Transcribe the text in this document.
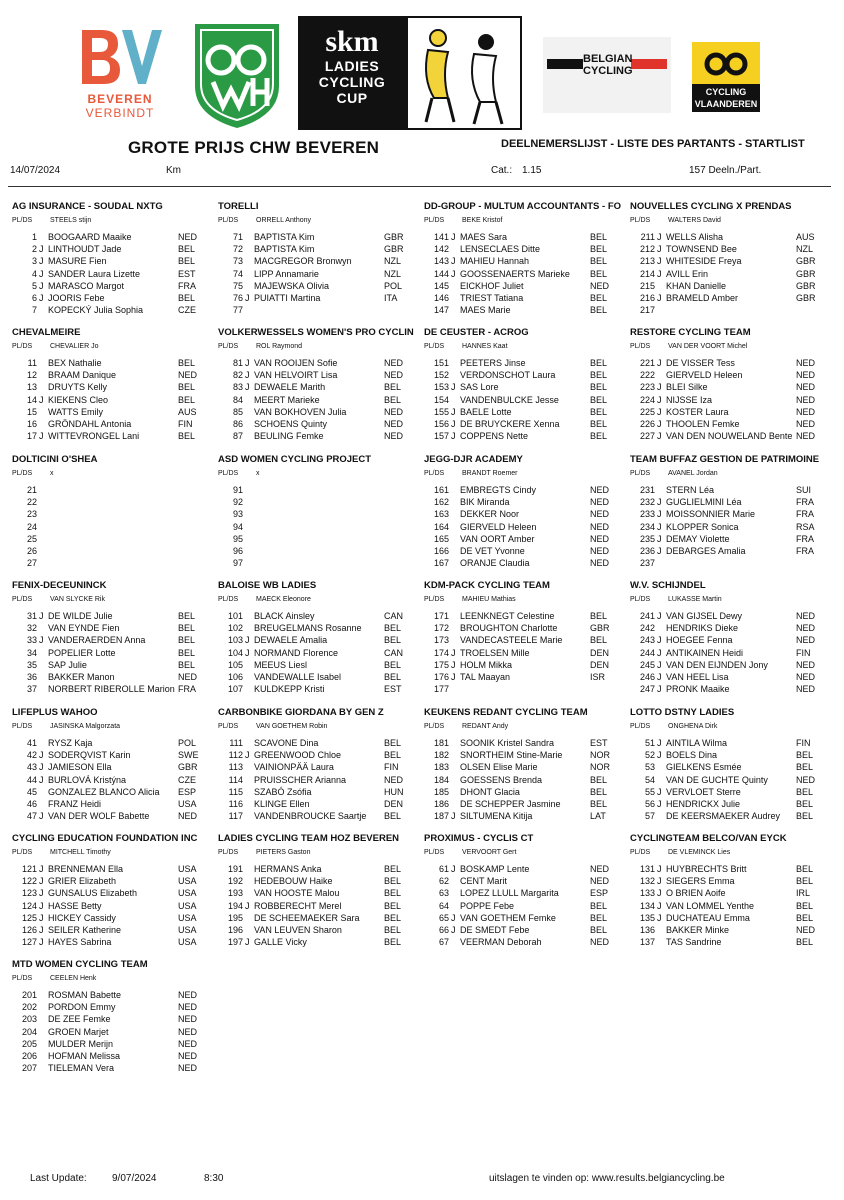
BEVEREN
VERBINDT
skm
LADIES
CYCLING
CUP
BELGIAN
CYCLING
CYCLING
VLAANDEREN
GROTE PRIJS CHW BEVEREN	DEELNEMERSLIJST - LISTE DES PARTANTS - STARTLIST
14/07/2024	Km	Cat.: 1.15	157 Deeln./Part.
AG INSURANCE - SOUDAL NXTG
PL/DS	STEELS stijn
1 BOOGAARD Maaike	NED
2 J LINTHOUDT Jade	BEL
3 J MASURE Fien	BEL
4 J SANDER Laura Lizette	EST
5 J MARASCO Margot	FRA
6 J JOORIS Febe	BEL
7 KOPECKÝ Julia Sophia	CZE
TORELLI
PL/DS	ORRELL Anthony
71 BAPTISTA Kim	GBR
72 BAPTISTA Kim	GBR
73 MACGREGOR Bronwyn	NZL
74 LIPP Annamarie	NZL
75 MAJEWSKA Olivia	POL
76 J PUIATTI Martina	ITA
77
DD-GROUP - MULTUM ACCOUNTANTS - FO
PL/DS	BEKE Kristof
141 J MAES Sara	BEL
142 LENSECLAES Ditte	BEL
143 J MAHIEU Hannah	BEL
144 J GOOSSENAERTS Marieke	BEL
145 EICKHOF Juliet	NED
146 TRIEST Tatiana	BEL
147 MAES Marie	BEL
NOUVELLES CYCLING X PRENDAS
PL/DS	WALTERS David
211 J WELLS Alisha	AUS
212 J TOWNSEND Bee	NZL
213 J WHITESIDE Freya	GBR
214 J AVILL Erin	GBR
215 KHAN Danielle	GBR
216 J BRAMELD Amber	GBR
217
CHEVALMEIRE
PL/DS	CHEVALIER Jo
11 BEX Nathalie	BEL
12 BRAAM Danique	NED
13 DRUYTS Kelly	BEL
14 J KIEKENS Cleo	BEL
15 WATTS Emily	AUS
16 GRÖNDAHL Antonia	FIN
17 J WITTEVRONGEL Lani	BEL
VOLKERWESSELS WOMEN'S PRO CYCLIN
PL/DS	ROL Raymond
81 J VAN ROOIJEN Sofie	NED
82 J VAN HELVOIRT Lisa	NED
83 J DEWAELE Marith	BEL
84 MEERT Marieke	BEL
85 VAN BOKHOVEN Julia	NED
86 SCHOENS Quinty	NED
87 BEULING Femke	NED
DE CEUSTER - ACROG
PL/DS	HANNES Kaat
151 PEETERS Jinse	BEL
152 VERDONSCHOT Laura	BEL
153 J SAS Lore	BEL
154 VANDENBULCKE Jesse	BEL
155 J BAELE Lotte	BEL
156 J DE BRUYCKERE Xenna	BEL
157 J COPPENS Nette	BEL
RESTORE CYCLING TEAM
PL/DS	VAN DER VOORT Michel
221 J DE VISSER Tess	NED
222 GIERVELD Heleen	NED
223 J BLEI Silke	NED
224 J NIJSSE Iza	NED
225 J KOSTER Laura	NED
226 J THOOLEN Femke	NED
227 J VAN DEN NOUWELAND Bente NED
DOLTICINI O'SHEA
PL/DS	x
21
22
23
24
25
26
27
ASD WOMEN CYCLING PROJECT
PL/DS	x
91
92
93
94
95
96
97
JEGG-DJR ACADEMY
PL/DS	BRANDT Roemer
161 EMBREGTS Cindy	NED
162 BIK Miranda	NED
163 DEKKER Noor	NED
164 GIERVELD Heleen	NED
165 VAN OORT Amber	NED
166 DE VET Yvonne	NED
167 ORANJE Claudia	NED
TEAM BUFFAZ GESTION DE PATRIMOINE
PL/DS	AVANEL Jordan
231 STERN Léa	SUI
232 J GUGLIELMINI Léa	FRA
233 J MOISSONNIER Marie	FRA
234 J KLOPPER Sonica	RSA
235 J DEMAY Violette	FRA
236 J DEBARGES Amalia	FRA
237
FENIX-DECEUNINCK
PL/DS	VAN SLYCKE Rik
31 J DE WILDE Julie	BEL
32 VAN EYNDE Fien	BEL
33 J VANDERAERDEN Anna	BEL
34 POPELIER Lotte	BEL
35 SAP Julie	BEL
36 BAKKER Manon	NED
37 NORBERT RIBEROLLE Marion FRA
BALOISE WB LADIES
PL/DS	MAECK Eleonore
101 BLACK Ainsley	CAN
102 BREUGELMANS Rosanne	BEL
103 J DEWAELE Amalia	BEL
104 J NORMAND Florence	CAN
105 MEEUS Liesl	BEL
106 VANDEWALLE Isabel	BEL
107 KULDKEPP Kristi	EST
KDM-PACK CYCLING TEAM
PL/DS	MAHIEU Mathias
171 LEENKNEGT Celestine	BEL
172 BROUGHTON Charlotte	GBR
173 VANDECASTEELE Marie	BEL
174 J TROELSEN Mille	DEN
175 J HOLM Mikka	DEN
176 J TAL Maayan	ISR
177
W.V. SCHIJNDEL
PL/DS	LUKASSE Martin
241 J VAN GIJSEL Dewy	NED
242 HENDRIKS Dieke	NED
243 J HOEGEE Fenna	NED
244 J ANTIKAINEN Heidi	FIN
245 J VAN DEN EIJNDEN Jony	NED
246 J VAN HEEL Lisa	NED
247 J PRONK Maaike	NED
LIFEPLUS WAHOO
PL/DS	JASINSKA Malgorzata
41 RYSZ Kaja	POL
42 J SODERQVIST Karin	SWE
43 J JAMIESON Ella	GBR
44 J BURLOVÁ Kristýna	CZE
45 GONZALEZ BLANCO Alicia	ESP
46 FRANZ Heidi	USA
47 J VAN DER WOLF Babette	NED
CARBONBIKE GIORDANA BY GEN Z
PL/DS	VAN GOETHEM Robin
111 SCAVONE Dina	BEL
112 J GREENWOOD Chloe	BEL
113 VAINIONPÄÄ Laura	FIN
114 PRUISSCHER Arianna	NED
115 SZABÓ Zsófia	HUN
116 KLINGE Ellen	DEN
117 VANDENBROUCKE Saartje	BEL
KEUKENS REDANT CYCLING TEAM
PL/DS	REDANT Andy
181 SOONIK Kristel Sandra	EST
182 SNORTHEIM Stine-Marie	NOR
183 OLSEN Elise Marie	NOR
184 GOESSENS Brenda	BEL
185 DHONT Glacia	BEL
186 DE SCHEPPER Jasmine	BEL
187 J SILTUMENA Kitija	LAT
LOTTO DSTNY LADIES
PL/DS	ONGHENA Dirk
51 J AINTILA Wilma	FIN
52 J BOELS Dina	BEL
53 GIELKENS Esmée	BEL
54 VAN DE GUCHTE Quinty	NED
55 J VERVLOET Sterre	BEL
56 J HENDRICKX Julie	BEL
57 DE KEERSMAEKER Audrey	BEL
CYCLING EDUCATION FOUNDATION INC
PL/DS	MITCHELL Timothy
121 J BRENNEMAN Ella	USA
122 J GRIER Elizabeth	USA
123 J GUNSALUS Elizabeth	USA
124 J HASSE Betty	USA
125 J HICKEY Cassidy	USA
126 J SEILER Katherine	USA
127 J HAYES Sabrina	USA
LADIES CYCLING TEAM HOZ BEVEREN
PL/DS	PIETERS Gaston
191 HERMANS Anka	BEL
192 HEDEBOUW Haike	BEL
193 VAN HOOSTE Malou	BEL
194 J ROBBERECHT Merel	BEL
195 DE SCHEEMAEKER Sara	BEL
196 VAN LEUVEN Sharon	BEL
197 J GALLE Vicky	BEL
PROXIMUS - CYCLIS CT
PL/DS	VERVOORT Gert
61 J BOSKAMP Lente	NED
62 CENT Marit	NED
63 LOPEZ LLULL Margarita	ESP
64 POPPE Febe	BEL
65 J VAN GOETHEM Femke	BEL
66 J DE SMEDT Febe	BEL
67 VEERMAN Deborah	NED
CYCLINGTEAM BELCO/VAN EYCK
PL/DS	DE VLEMINCK Lies
131 J HUYBRECHTS Britt	BEL
132 J SIEGERS Emma	BEL
133 J O BRIEN Aoife	IRL
134 J VAN LOMMEL Yenthe	BEL
135 J DUCHATEAU Emma	BEL
136 BAKKER Minke	NED
137 TAS Sandrine	BEL
MTD WOMEN CYCLING TEAM
PL/DS	CEELEN Henk
201 ROSMAN Babette	NED
202 PORDON Emmy	NED
203 DE ZEE Femke	NED
204 GROEN Marjet	NED
205 MULDER Merijn	NED
206 HOFMAN Melissa	NED
207 TIELEMAN Vera	NED
Last Update:	9/07/2024	8:30	uitslagen te vinden op: www.results.belgiancycling.be
